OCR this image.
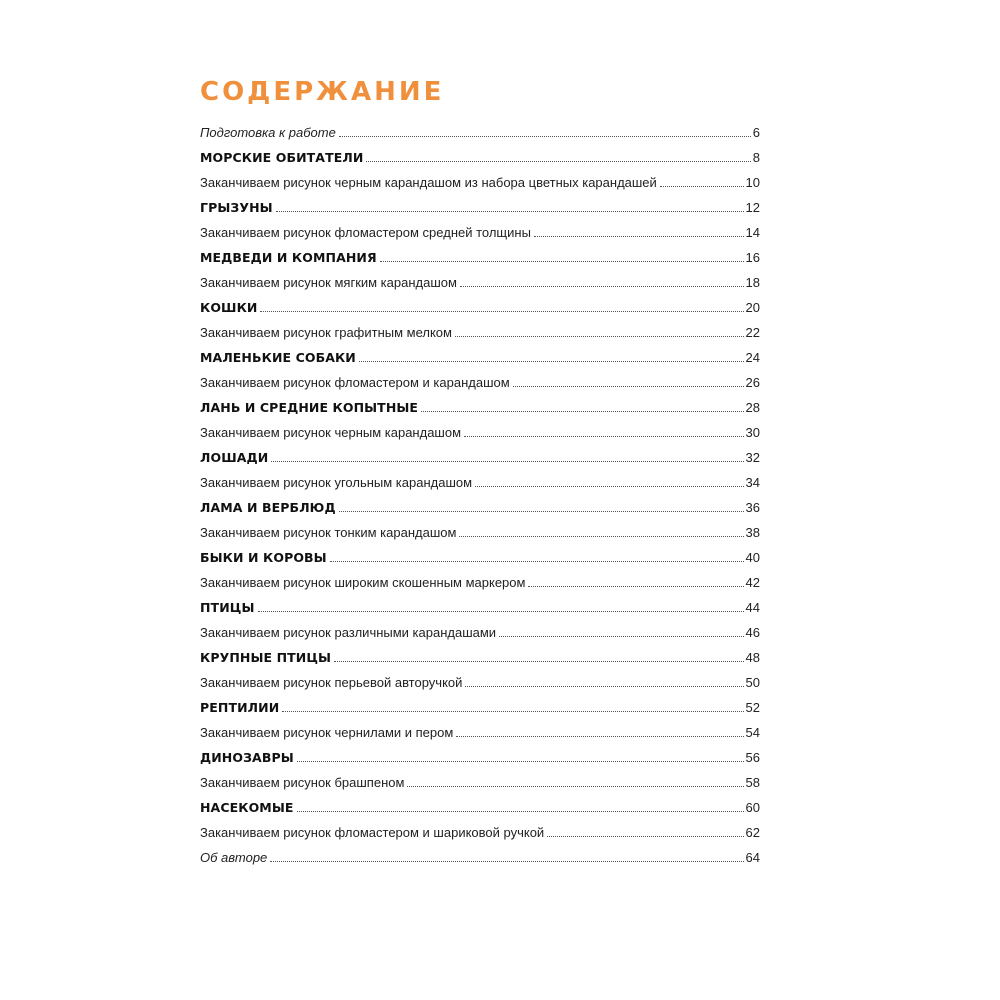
СОДЕРЖАНИЕ
Подготовка к работе	6
МОРСКИЕ ОБИТАТЕЛИ	8
Заканчиваем рисунок черным карандашом из набора цветных карандашей	10
ГРЫЗУНЫ	12
Заканчиваем рисунок фломастером средней толщины	14
МЕДВЕДИ И КОМПАНИЯ	16
Заканчиваем рисунок мягким карандашом	18
КОШКИ	20
Заканчиваем рисунок графитным мелком	22
МАЛЕНЬКИЕ СОБАКИ	24
Заканчиваем рисунок фломастером и карандашом	26
ЛАНЬ И СРЕДНИЕ КОПЫТНЫЕ	28
Заканчиваем рисунок черным карандашом	30
ЛОШАДИ	32
Заканчиваем рисунок угольным карандашом	34
ЛАМА И ВЕРБЛЮД	36
Заканчиваем рисунок тонким карандашом	38
БЫКИ И КОРОВЫ	40
Заканчиваем рисунок широким скошенным маркером	42
ПТИЦЫ	44
Заканчиваем рисунок различными карандашами	46
КРУПНЫЕ ПТИЦЫ	48
Заканчиваем рисунок перьевой авторучкой	50
РЕПТИЛИИ	52
Заканчиваем рисунок чернилами и пером	54
ДИНОЗАВРЫ	56
Заканчиваем рисунок брашпеном	58
НАСЕКОМЫЕ	60
Заканчиваем рисунок фломастером и шариковой ручкой	62
Об авторе	64
